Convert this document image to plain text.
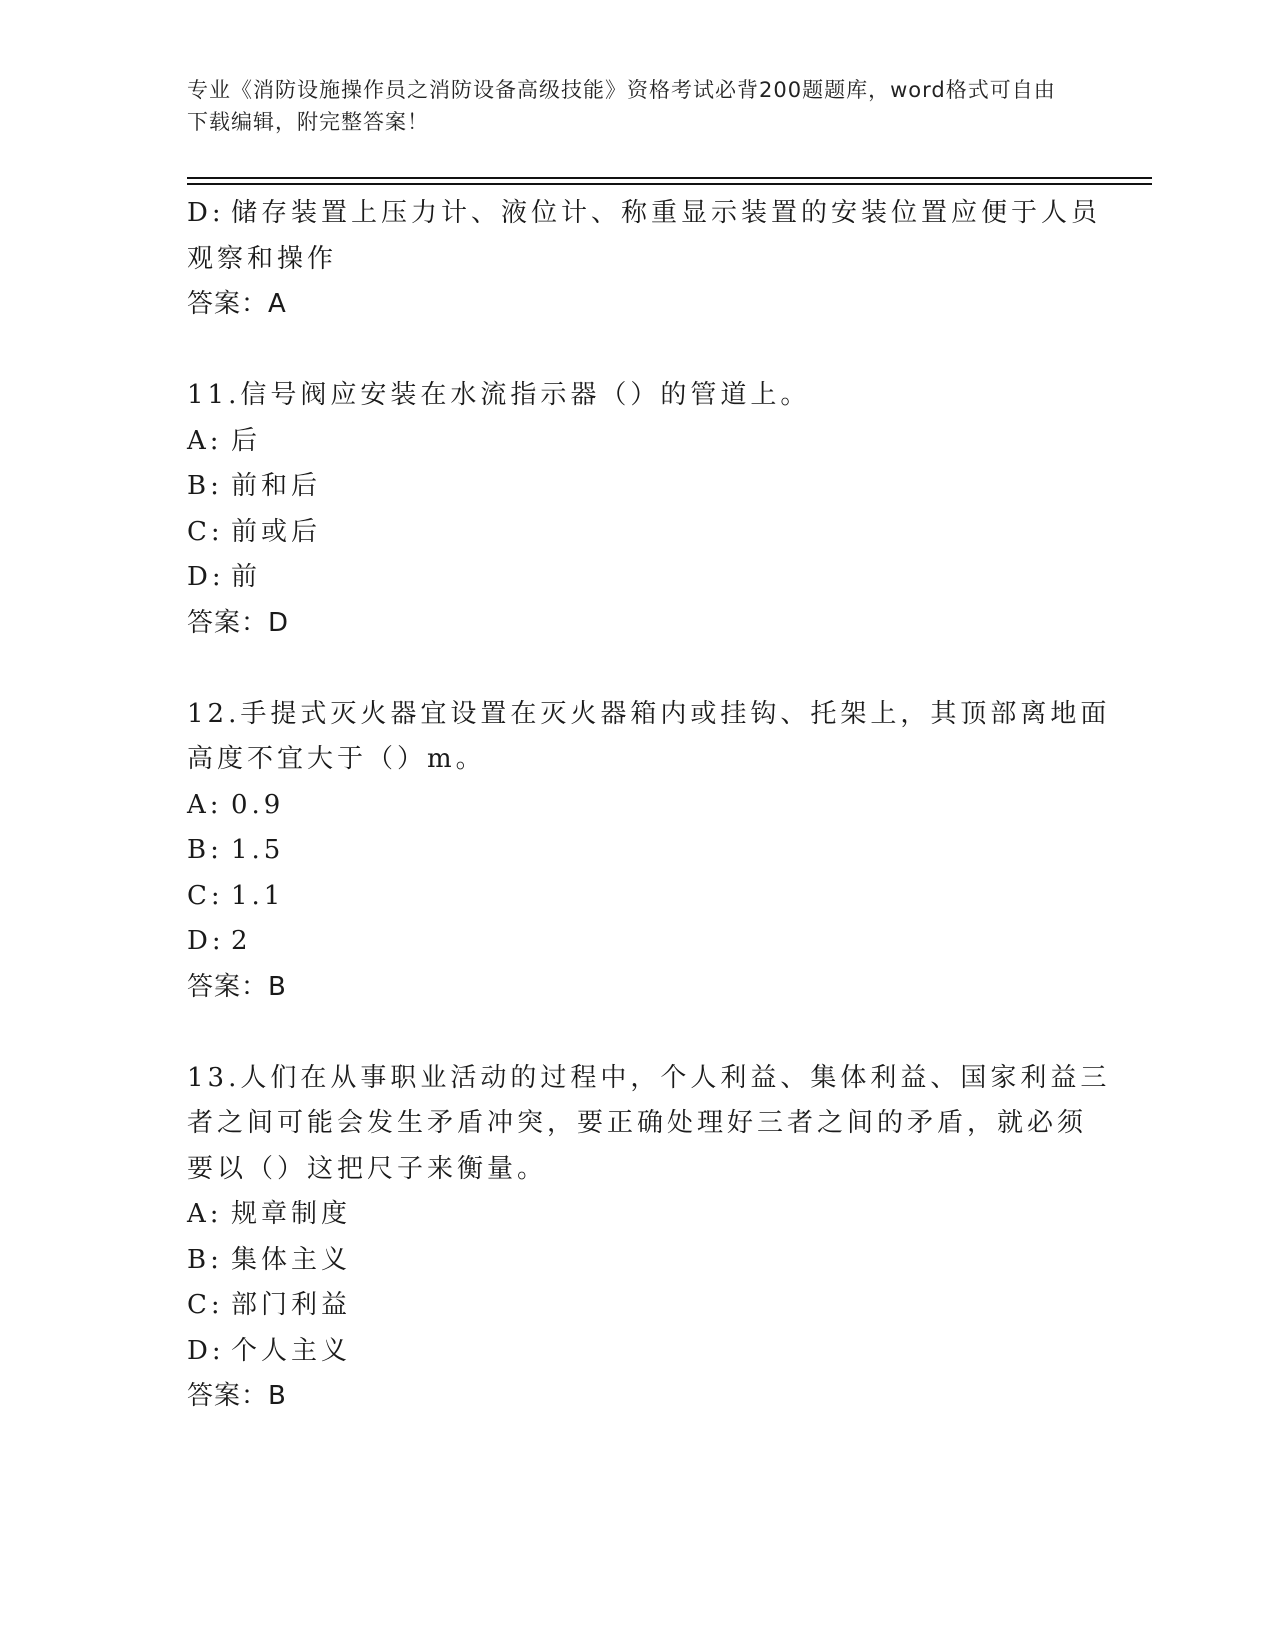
专业《消防设施操作员之消防设备高级技能》资格考试必背200题题库，word格式可自由下载编辑，附完整答案！
D: 储存装置上压力计、液位计、称重显示装置的安装位置应便于人员
观察和操作
答案：A
11.信号阀应安装在水流指示器（）的管道上。
A: 后
B: 前和后
C: 前或后
D: 前
答案：D
12.手提式灭火器宜设置在灭火器箱内或挂钩、托架上，其顶部离地面
高度不宜大于（）m。
A: 0.9
B: 1.5
C: 1.1
D: 2
答案：B
13.人们在从事职业活动的过程中，个人利益、集体利益、国家利益三
者之间可能会发生矛盾冲突，要正确处理好三者之间的矛盾，就必须
要以（）这把尺子来衡量。
A: 规章制度
B: 集体主义
C: 部门利益
D: 个人主义
答案：B
